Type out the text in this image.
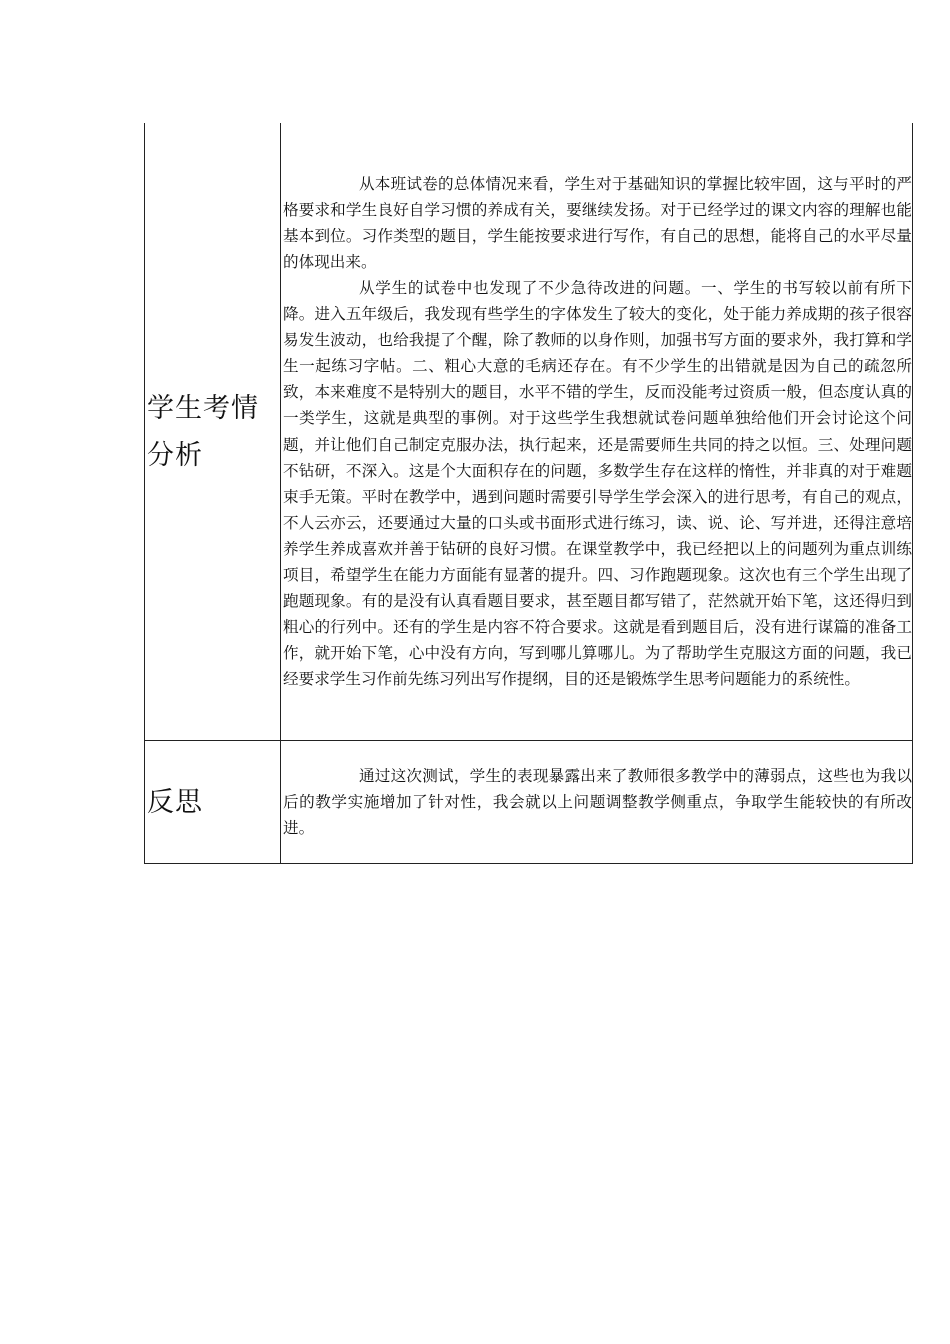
学生考情分析	从本班试卷的总体情况来看，学生对于基础知识的掌握比较牢固，这与平时的严格要求和学生良好自学习惯的养成有关，要继续发扬。对于已经学过的课文内容的理解也能基本到位。习作类型的题目，学生能按要求进行写作，有自己的思想，能将自己的水平尽量的体现出来。

从学生的试卷中也发现了不少急待改进的问题。一、学生的书写较以前有所下降。进入五年级后，我发现有些学生的字体发生了较大的变化，处于能力养成期的孩子很容易发生波动，也给我提了个醒，除了教师的以身作则，加强书写方面的要求外，我打算和学生一起练习字帖。二、粗心大意的毛病还存在。有不少学生的出错就是因为自己的疏忽所致，本来难度不是特别大的题目，水平不错的学生，反而没能考过资质一般，但态度认真的一类学生，这就是典型的事例。对于这些学生我想就试卷问题单独给他们开会讨论这个问题，并让他们自己制定克服办法，执行起来，还是需要师生共同的持之以恒。三、处理问题不钻研，不深入。这是个大面积存在的问题，多数学生存在这样的惰性，并非真的对于难题束手无策。平时在教学中，遇到问题时需要引导学生学会深入的进行思考，有自己的观点，不人云亦云，还要通过大量的口头或书面形式进行练习，读、说、论、写并进，还得注意培养学生养成喜欢并善于钻研的良好习惯。在课堂教学中，我已经把以上的问题列为重点训练项目，希望学生在能力方面能有显著的提升。四、习作跑题现象。这次也有三个学生出现了跑题现象。有的是没有认真看题目要求，甚至题目都写错了，茫然就开始下笔，这还得归到粗心的行列中。还有的学生是内容不符合要求。这就是看到题目后，没有进行谋篇的准备工作，就开始下笔，心中没有方向，写到哪儿算哪儿。为了帮助学生克服这方面的问题，我已经要求学生习作前先练习列出写作提纲，目的还是锻炼学生思考问题能力的系统性。

反思	通过这次测试，学生的表现暴露出来了教师很多教学中的薄弱点，这些也为我以后的教学实施增加了针对性，我会就以上问题调整教学侧重点，争取学生能较快的有所改进。
